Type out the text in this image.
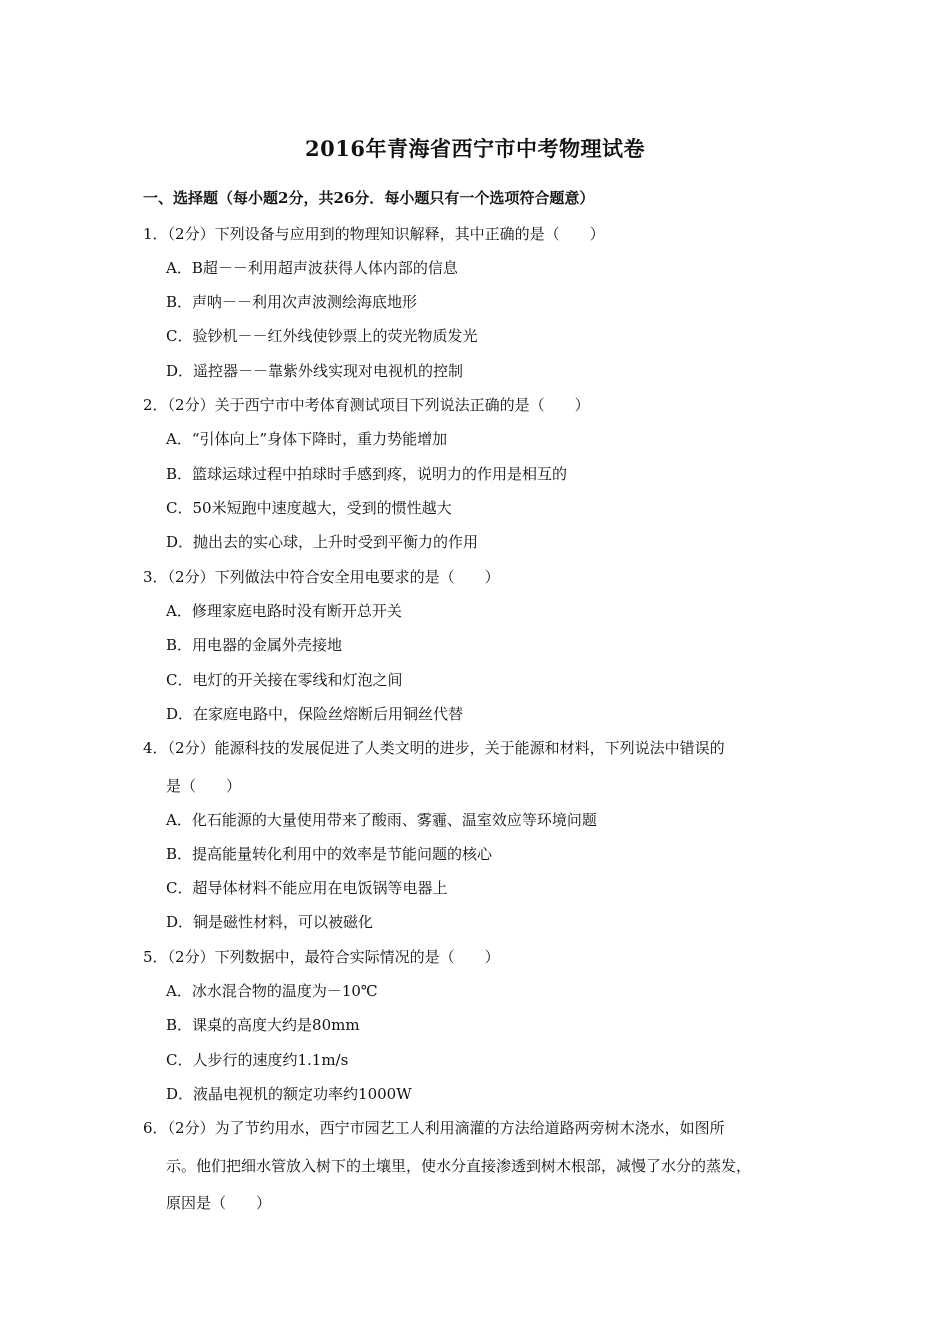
2016年青海省西宁市中考物理试卷
一、选择题（每小题2分，共26分．每小题只有一个选项符合题意）
1．（2分）下列设备与应用到的物理知识解释，其中正确的是（　　）
A．B超－－利用超声波获得人体内部的信息
B．声呐－－利用次声波测绘海底地形
C．验钞机－－红外线使钞票上的荧光物质发光
D．遥控器－－靠紫外线实现对电视机的控制
2．（2分）关于西宁市中考体育测试项目下列说法正确的是（　　）
A．“引体向上”身体下降时，重力势能增加
B．篮球运球过程中拍球时手感到疼，说明力的作用是相互的
C．50米短跑中速度越大，受到的惯性越大
D．抛出去的实心球，上升时受到平衡力的作用
3．（2分）下列做法中符合安全用电要求的是（　　）
A．修理家庭电路时没有断开总开关
B．用电器的金属外壳接地
C．电灯的开关接在零线和灯泡之间
D．在家庭电路中，保险丝熔断后用铜丝代替
4．（2分）能源科技的发展促进了人类文明的进步，关于能源和材料，下列说法中错误的
是（　　）
A．化石能源的大量使用带来了酸雨、雾霾、温室效应等环境问题
B．提高能量转化利用中的效率是节能问题的核心
C．超导体材料不能应用在电饭锅等电器上
D．铜是磁性材料，可以被磁化
5．（2分）下列数据中，最符合实际情况的是（　　）
A．冰水混合物的温度为－10℃
B．课桌的高度大约是80mm
C．人步行的速度约1.1m/s
D．液晶电视机的额定功率约1000W
6．（2分）为了节约用水，西宁市园艺工人利用滴灌的方法给道路两旁树木浇水，如图所
示。他们把细水管放入树下的土壤里，使水分直接渗透到树木根部，减慢了水分的蒸发，
原因是（　　）
